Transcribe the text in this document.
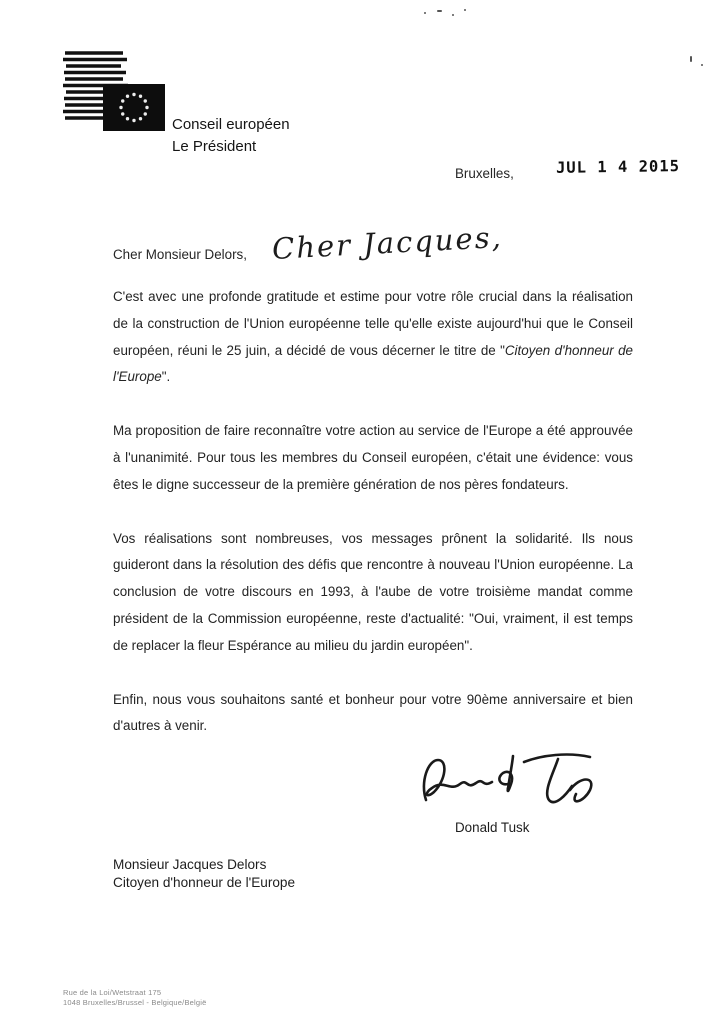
Conseil européen
Le Président
Bruxelles,	JUL 1 4 2015
Cher Monsieur Delors, Cher Jacques,

C'est avec une profonde gratitude et estime pour votre rôle crucial dans la réalisation de la construction de l'Union européenne telle qu'elle existe aujourd'hui que le Conseil européen, réuni le 25 juin, a décidé de vous décerner le titre de "Citoyen d'honneur de l'Europe".

Ma proposition de faire reconnaître votre action au service de l'Europe a été approuvée à l'unanimité. Pour tous les membres du Conseil européen, c'était une évidence: vous êtes le digne successeur de la première génération de nos pères fondateurs.

Vos réalisations sont nombreuses, vos messages prônent la solidarité. Ils nous guideront dans la résolution des défis que rencontre à nouveau l'Union européenne. La conclusion de votre discours en 1993, à l'aube de votre troisième mandat comme président de la Commission européenne, reste d'actualité: "Oui, vraiment, il est temps de replacer la fleur Espérance au milieu du jardin européen".

Enfin, nous vous souhaitons santé et bonheur pour votre 90ème anniversaire et bien d'autres à venir.

Donald Tusk
Monsieur Jacques Delors
Citoyen d'honneur de l'Europe
Rue de la Loi/Wetstraat 175
1048 Bruxelles/Brussel - Belgique/België
